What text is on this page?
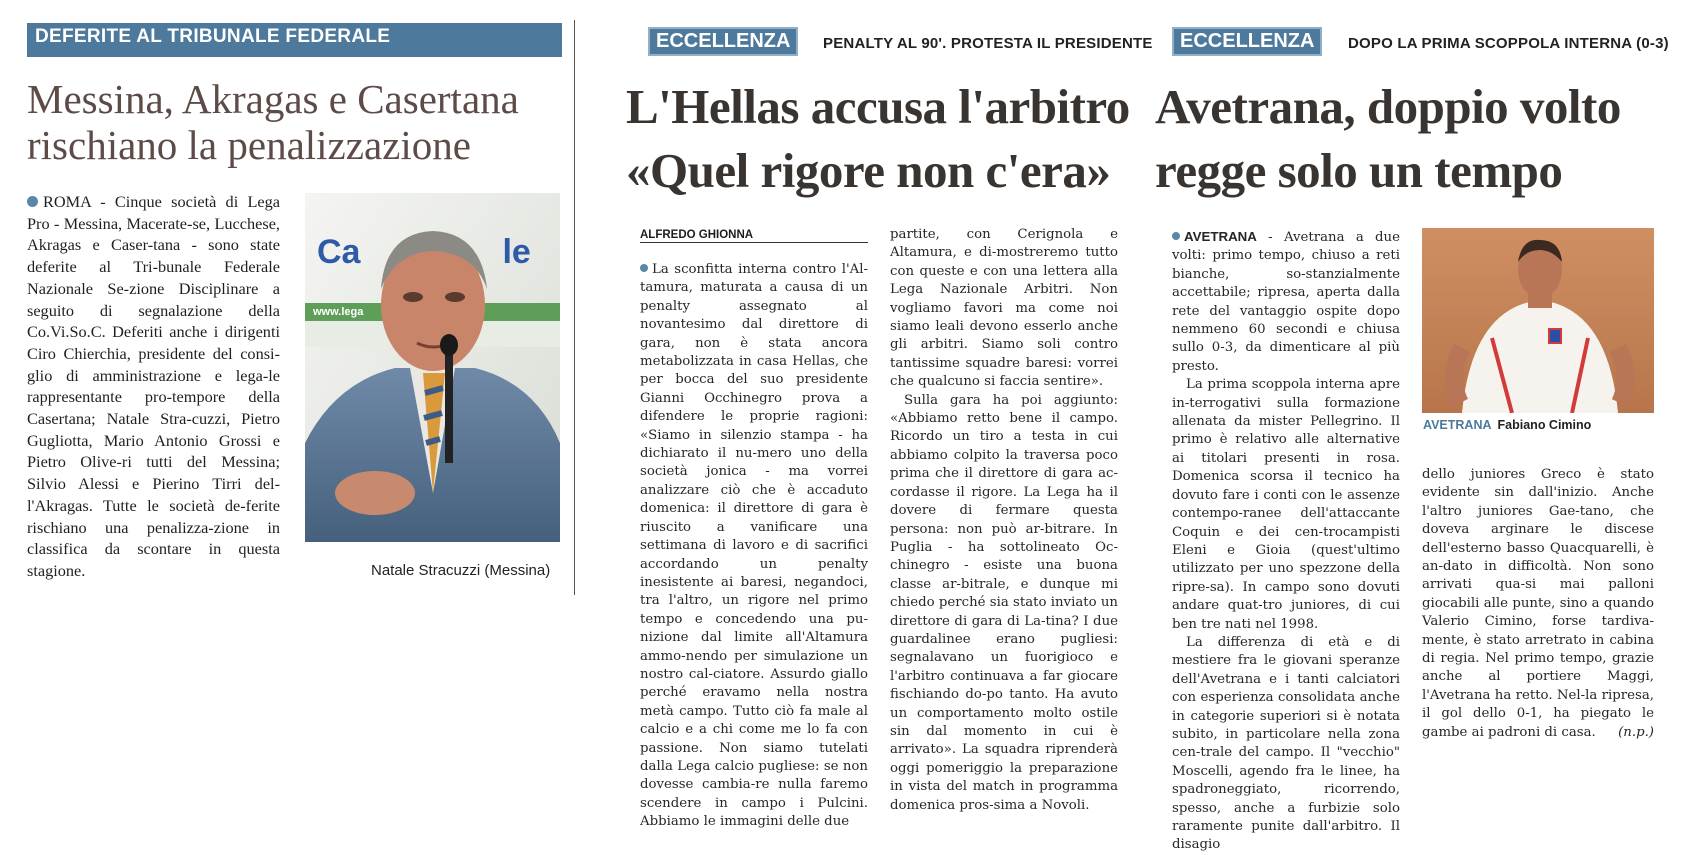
DEFERITE AL TRIBUNALE FEDERALE
Messina, Akragas e Casertana
rischiano la penalizzazione
ROMA - Cinque società di Lega Pro - Messina, Macerate-se, Lucchese, Akragas e Caser-tana - sono state deferite al Tri-bunale Federale Nazionale Se-zione Disciplinare a seguito di segnalazione della Co.Vi.So.C. Deferiti anche i dirigenti Ciro Chierchia, presidente del consi-glio di amministrazione e lega-le rappresentante pro-tempore della Casertana; Natale Stra-cuzzi, Pietro Gugliotta, Mario Antonio Grossi e Pietro Olive-ri tutti del Messina; Silvio Alessi e Pierino Tirri del-l'Akragas. Tutte le società de-ferite rischiano una penalizza-zione in classifica da scontare in questa stagione.
Ca	le
www.lega
Natale Stracuzzi (Messina)
ECCELLENZA	PENALTY AL 90'. PROTESTA IL PRESIDENTE
L'Hellas accusa l'arbitro
«Quel rigore non c'era»
ALFREDO GHIONNA
La sconfitta interna contro l'Al-tamura, maturata a causa di un penalty assegnato al novantesimo dal direttore di gara, non è stata ancora metabolizzata in casa Hellas, che per bocca del suo presidente Gianni Occhinegro prova a difendere le proprie ragioni: «Siamo in silenzio stampa - ha dichiarato il nu-mero uno della società jonica - ma vorrei analizzare ciò che è accaduto domenica: il direttore di gara è riuscito a vanificare una settimana di lavoro e di sacrifici accordando un penalty inesistente ai baresi, negandoci, tra l'altro, un rigore nel primo tempo e concedendo una pu-nizione dal limite all'Altamura ammo-nendo per simulazione un nostro cal-ciatore. Assurdo giallo perché eravamo nella nostra metà campo. Tutto ciò fa male al calcio e a chi come me lo fa con passione. Non siamo tutelati dalla Lega calcio pugliese: se non dovesse cambia-re nulla faremo scendere in campo i Pulcini. Abbiamo le immagini delle due

partite, con Cerignola e Altamura, e di-mostreremo tutto con queste e con una lettera alla Lega Nazionale Arbitri. Non vogliamo favori ma come noi siamo leali devono esserlo anche gli arbitri. Siamo soli contro tantissime squadre baresi: vorrei che qualcuno si faccia sentire».

Sulla gara ha poi aggiunto: «Abbiamo retto bene il campo. Ricordo un tiro a testa in cui abbiamo colpito la traversa poco prima che il direttore di gara ac-cordasse il rigore. La Lega ha il dovere di fermare questa persona: non può ar-bitrare. In Puglia - ha sottolineato Oc-chinegro - esiste una buona classe ar-bitrale, e dunque mi chiedo perché sia stato inviato un direttore di gara di La-tina? I due guardalinee erano pugliesi: segnalavano un fuorigioco e l'arbitro continuava a far giocare fischiando do-po tanto. Ha avuto un comportamento molto ostile sin dal momento in cui è arrivato». La squadra riprenderà oggi pomeriggio la preparazione in vista del match in programma domenica pros-sima a Novoli.

ECCELLENZA	DOPO LA PRIMA SCOPPOLA INTERNA (0-3)
Avetrana, doppio volto
regge solo un tempo

AVETRANA - Avetrana a due volti: primo tempo, chiuso a reti bianche, so-stanzialmente accettabile; ripresa, aperta dalla rete del vantaggio ospite dopo nemmeno 60 secondi e chiusa sullo 0-3, da dimenticare al più presto.

La prima scoppola interna apre in-terrogativi sulla formazione allenata da mister Pellegrino. Il primo è relativo alle alternative ai titolari presenti in rosa. Domenica scorsa il tecnico ha dovuto fare i conti con le assenze contempo-ranee dell'attaccante Coquin e dei cen-trocampisti Eleni e Gioia (quest'ultimo utilizzato per uno spezzone della ripre-sa). In campo sono dovuti andare quat-tro juniores, di cui ben tre nati nel 1998.

La differenza di età e di mestiere fra le giovani speranze dell'Avetrana e i tanti calciatori con esperienza consolidata anche in categorie superiori si è notata subito, in particolare nella zona cen-trale del campo. Il "vecchio" Moscelli, agendo fra le linee, ha spadroneggiato, ricorrendo, spesso, anche a furbizie solo raramente punite dall'arbitro. Il disagio

AVETRANA Fabiano Cimino
dello juniores Greco è stato evidente sin dall'inizio. Anche l'altro juniores Gae-tano, che doveva arginare le discese dell'esterno basso Quacquarelli, è an-dato in difficoltà. Non sono arrivati qua-si mai palloni giocabili alle punte, sino a quando Valerio Cimino, forse tardiva-mente, è stato arretrato in cabina di regia. Nel primo tempo, grazie anche al portiere Maggi, l'Avetrana ha retto. Nel-la ripresa, il gol dello 0-1, ha piegato le gambe ai padroni di casa. (n.p.)
